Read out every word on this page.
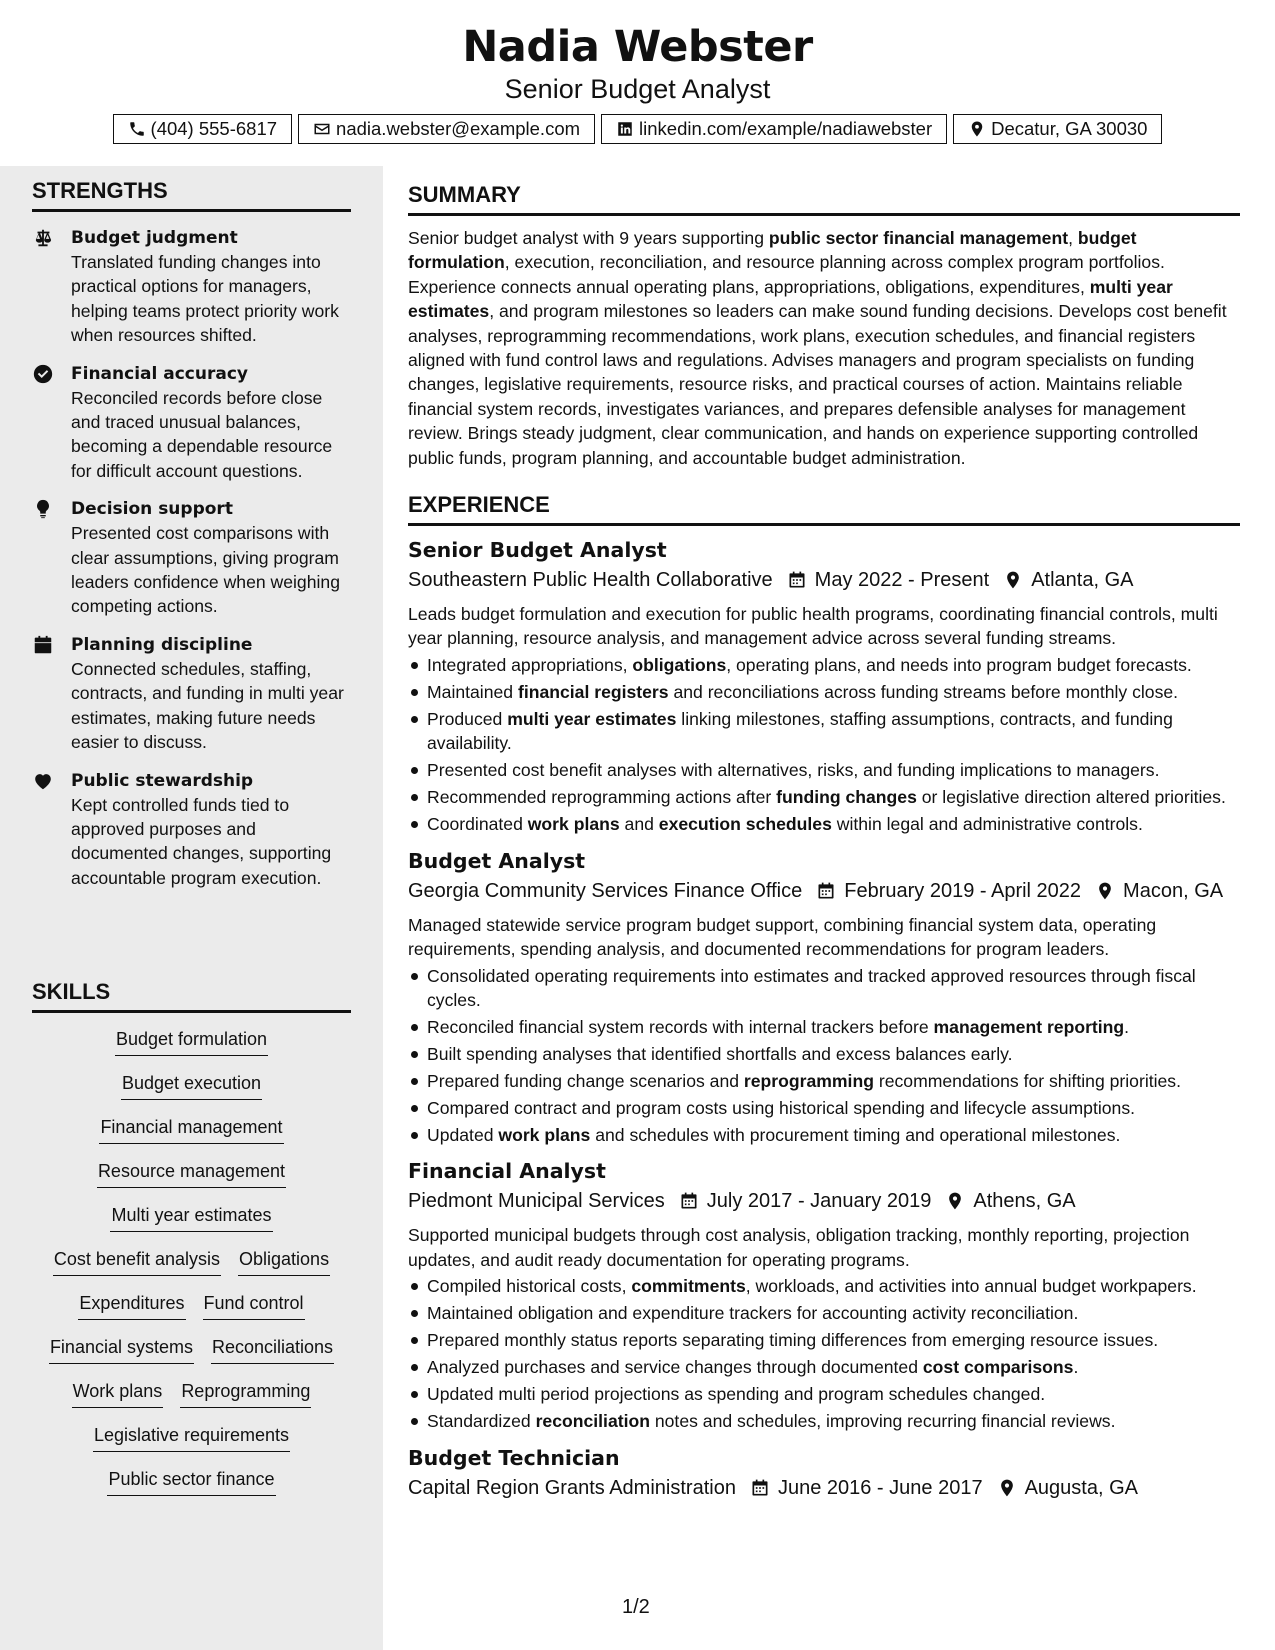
Nadia Webster
Senior Budget Analyst
(404) 555-6817	nadia.webster@example.com	linkedin.com/example/nadiawebster	Decatur, GA 30030
STRENGTHS
Budget judgment
Translated funding changes into practical options for managers, helping teams protect priority work when resources shifted.
Financial accuracy
Reconciled records before close and traced unusual balances, becoming a dependable resource for difficult account questions.
Decision support
Presented cost comparisons with clear assumptions, giving program leaders confidence when weighing competing actions.
Planning discipline
Connected schedules, staffing, contracts, and funding in multi year estimates, making future needs easier to discuss.
Public stewardship
Kept controlled funds tied to approved purposes and documented changes, supporting accountable program execution.
SKILLS
Budget formulation
Budget execution
Financial management
Resource management
Multi year estimates
Cost benefit analysis Obligations
Expenditures Fund control
Financial systems Reconciliations
Work plans Reprogramming
Legislative requirements
Public sector finance
SUMMARY

Senior budget analyst with 9 years supporting public sector financial management, budget formulation, execution, reconciliation, and resource planning across complex program portfolios. Experience connects annual operating plans, appropriations, obligations, expenditures, multi year estimates, and program milestones so leaders can make sound funding decisions. Develops cost benefit analyses, reprogramming recommendations, work plans, execution schedules, and financial registers aligned with fund control laws and regulations. Advises managers and program specialists on funding changes, legislative requirements, resource risks, and practical courses of action. Maintains reliable financial system records, investigates variances, and prepares defensible analyses for management review. Brings steady judgment, clear communication, and hands on experience supporting controlled public funds, program planning, and accountable budget administration.

EXPERIENCE
Senior Budget Analyst
Southeastern Public Health Collaborative May 2022 - Present Atlanta, GA
Leads budget formulation and execution for public health programs, coordinating financial controls, multi year planning, resource analysis, and management advice across several funding streams.
Integrated appropriations, obligations, operating plans, and needs into program budget forecasts.
Maintained financial registers and reconciliations across funding streams before monthly close.
Produced multi year estimates linking milestones, staffing assumptions, contracts, and funding availability.
Presented cost benefit analyses with alternatives, risks, and funding implications to managers.
Recommended reprogramming actions after funding changes or legislative direction altered priorities.
Coordinated work plans and execution schedules within legal and administrative controls.
Budget Analyst
Georgia Community Services Finance Office February 2019 - April 2022 Macon, GA
Managed statewide service program budget support, combining financial system data, operating requirements, spending analysis, and documented recommendations for program leaders.
Consolidated operating requirements into estimates and tracked approved resources through fiscal cycles.
Reconciled financial system records with internal trackers before management reporting.
Built spending analyses that identified shortfalls and excess balances early.
Prepared funding change scenarios and reprogramming recommendations for shifting priorities.
Compared contract and program costs using historical spending and lifecycle assumptions.
Updated work plans and schedules with procurement timing and operational milestones.
Financial Analyst
Piedmont Municipal Services July 2017 - January 2019 Athens, GA
Supported municipal budgets through cost analysis, obligation tracking, monthly reporting, projection updates, and audit ready documentation for operating programs.
Compiled historical costs, commitments, workloads, and activities into annual budget workpapers.
Maintained obligation and expenditure trackers for accounting activity reconciliation.
Prepared monthly status reports separating timing differences from emerging resource issues.
Analyzed purchases and service changes through documented cost comparisons.
Updated multi period projections as spending and program schedules changed.
Standardized reconciliation notes and schedules, improving recurring financial reviews.
Budget Technician
Capital Region Grants Administration June 2016 - June 2017 Augusta, GA
1/2
